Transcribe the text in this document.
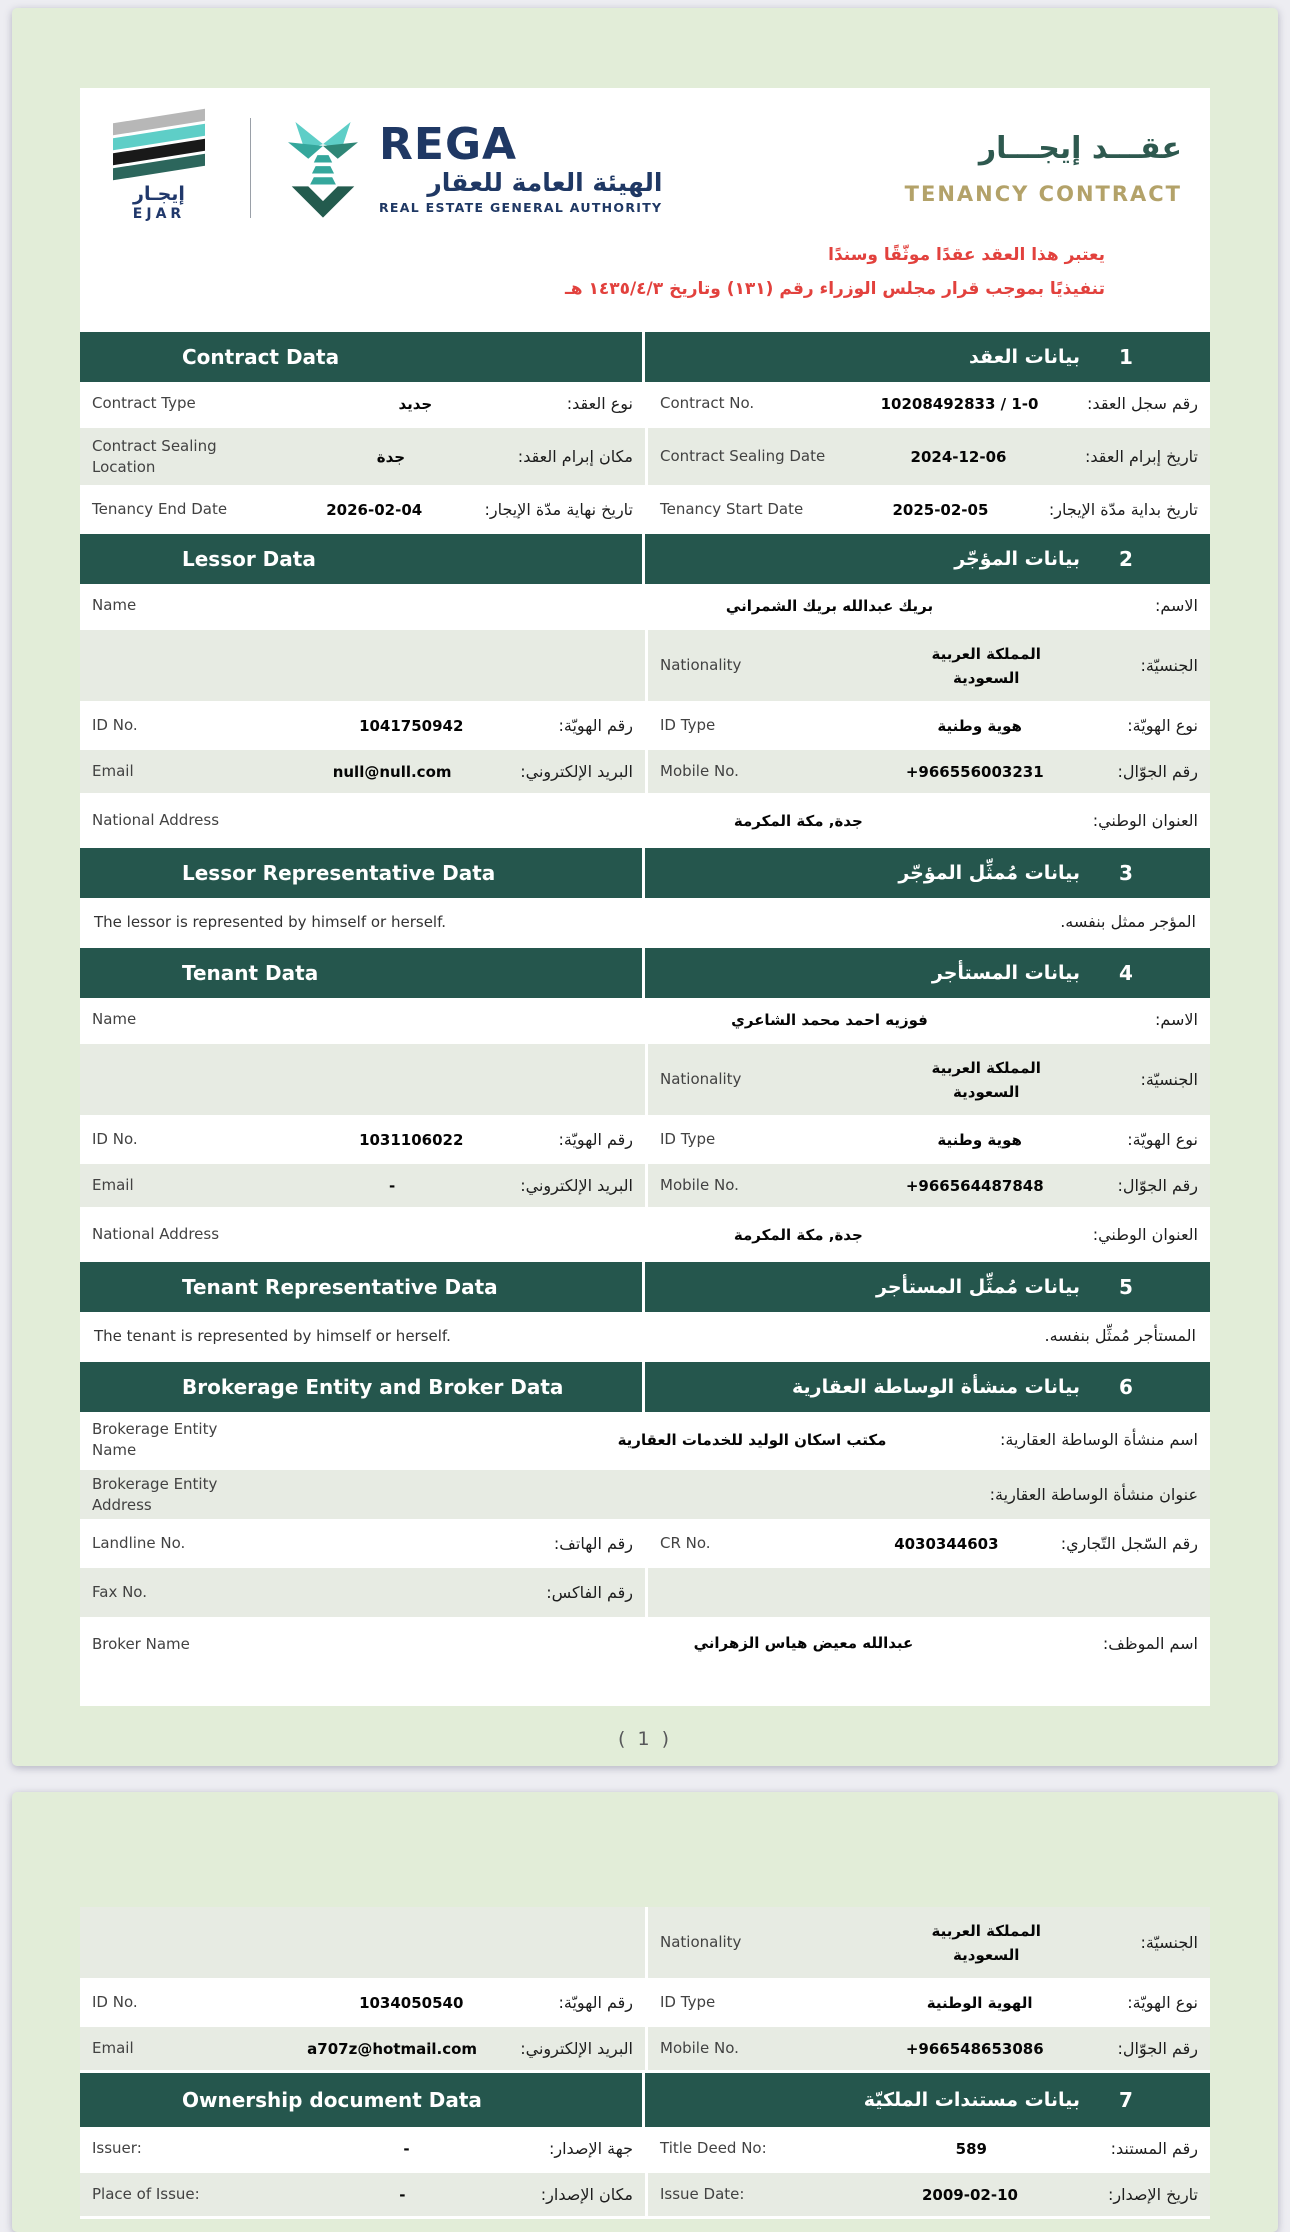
إيجـار
EJAR
REGA
الهيئة العامة للعقار
REAL ESTATE GENERAL AUTHORITY
عقـــد إيجـــار
TENANCY CONTRACT
يعتبر هذا العقد عقدًا موثّقًا وسندًا
تنفيذيًا بموجب قرار مجلس الوزراء رقم (١٣١) وتاريخ ١٤٣٥/٤/٣ هـ
Contract Data	بيانات العقد	1
Contract Type	جديد	نوع العقد: Contract No.	10208492833 / 1-0	رقم سجل العقد:
Contract Sealing Location
جدة	مكان إبرام العقد: Contract Sealing Date	2024-12-06	تاريخ إبرام العقد:
Tenancy End Date	2026-02-04	تاريخ نهاية مدّة الإيجار: Tenancy Start Date	2025-02-05	تاريخ بداية مدّة الإيجار:
Lessor Data	بيانات المؤجّر	2
Name	بريك عبدالله بريك الشمراني	الاسم:
Nationality
المملكة العربية السعودية
الجنسيّة:
ID No.	1041750942	رقم الهويّة: ID Type	هوية وطنية	نوع الهويّة:
Email	null@null.com	البريد الإلكتروني: Mobile No.	+966556003231	رقم الجوّال:
National Address	جدة, مكة المكرمة	العنوان الوطني:
Lessor Representative Data	بيانات مُمثِّل المؤجّر	3
The lessor is represented by himself or herself.	المؤجر ممثل بنفسه.
Tenant Data	بيانات المستأجر	4
Name	فوزيه احمد محمد الشاعري	الاسم:
Nationality
المملكة العربية السعودية
الجنسيّة:
ID No.	1031106022	رقم الهويّة: ID Type	هوية وطنية	نوع الهويّة:
Email	-	البريد الإلكتروني: Mobile No.	+966564487848	رقم الجوّال:
National Address	جدة, مكة المكرمة	العنوان الوطني:
Tenant Representative Data	بيانات مُمثِّل المستأجر	5
The tenant is represented by himself or herself.	المستأجر مُمثِّل بنفسه.
Brokerage Entity and Broker Data	بيانات منشأة الوساطة العقارية	6
Brokerage Entity Name
مكتب اسكان الوليد للخدمات العقارية	اسم منشأة الوساطة العقارية:
Brokerage Entity Address
عنوان منشأة الوساطة العقارية:
Landline No.	رقم الهاتف: CR No.	4030344603	رقم السّجل التّجاري:
Fax No.	رقم الفاكس:
Broker Name	عبدالله معيض هياس الزهراني	اسم الموظف:
( 1 )
Nationality
المملكة العربية السعودية
الجنسيّة:
ID No.	1034050540	رقم الهويّة: ID Type	الهوية الوطنية	نوع الهويّة:
Email	a707z@hotmail.com	البريد الإلكتروني: Mobile No.	+966548653086	رقم الجوّال:
Ownership document Data	بيانات مستندات الملكيّة	7
Issuer:	-	جهة الإصدار: Title Deed No:	589	رقم المستند:
Place of Issue:	-	مكان الإصدار: Issue Date:	2009-02-10	تاريخ الإصدار:
